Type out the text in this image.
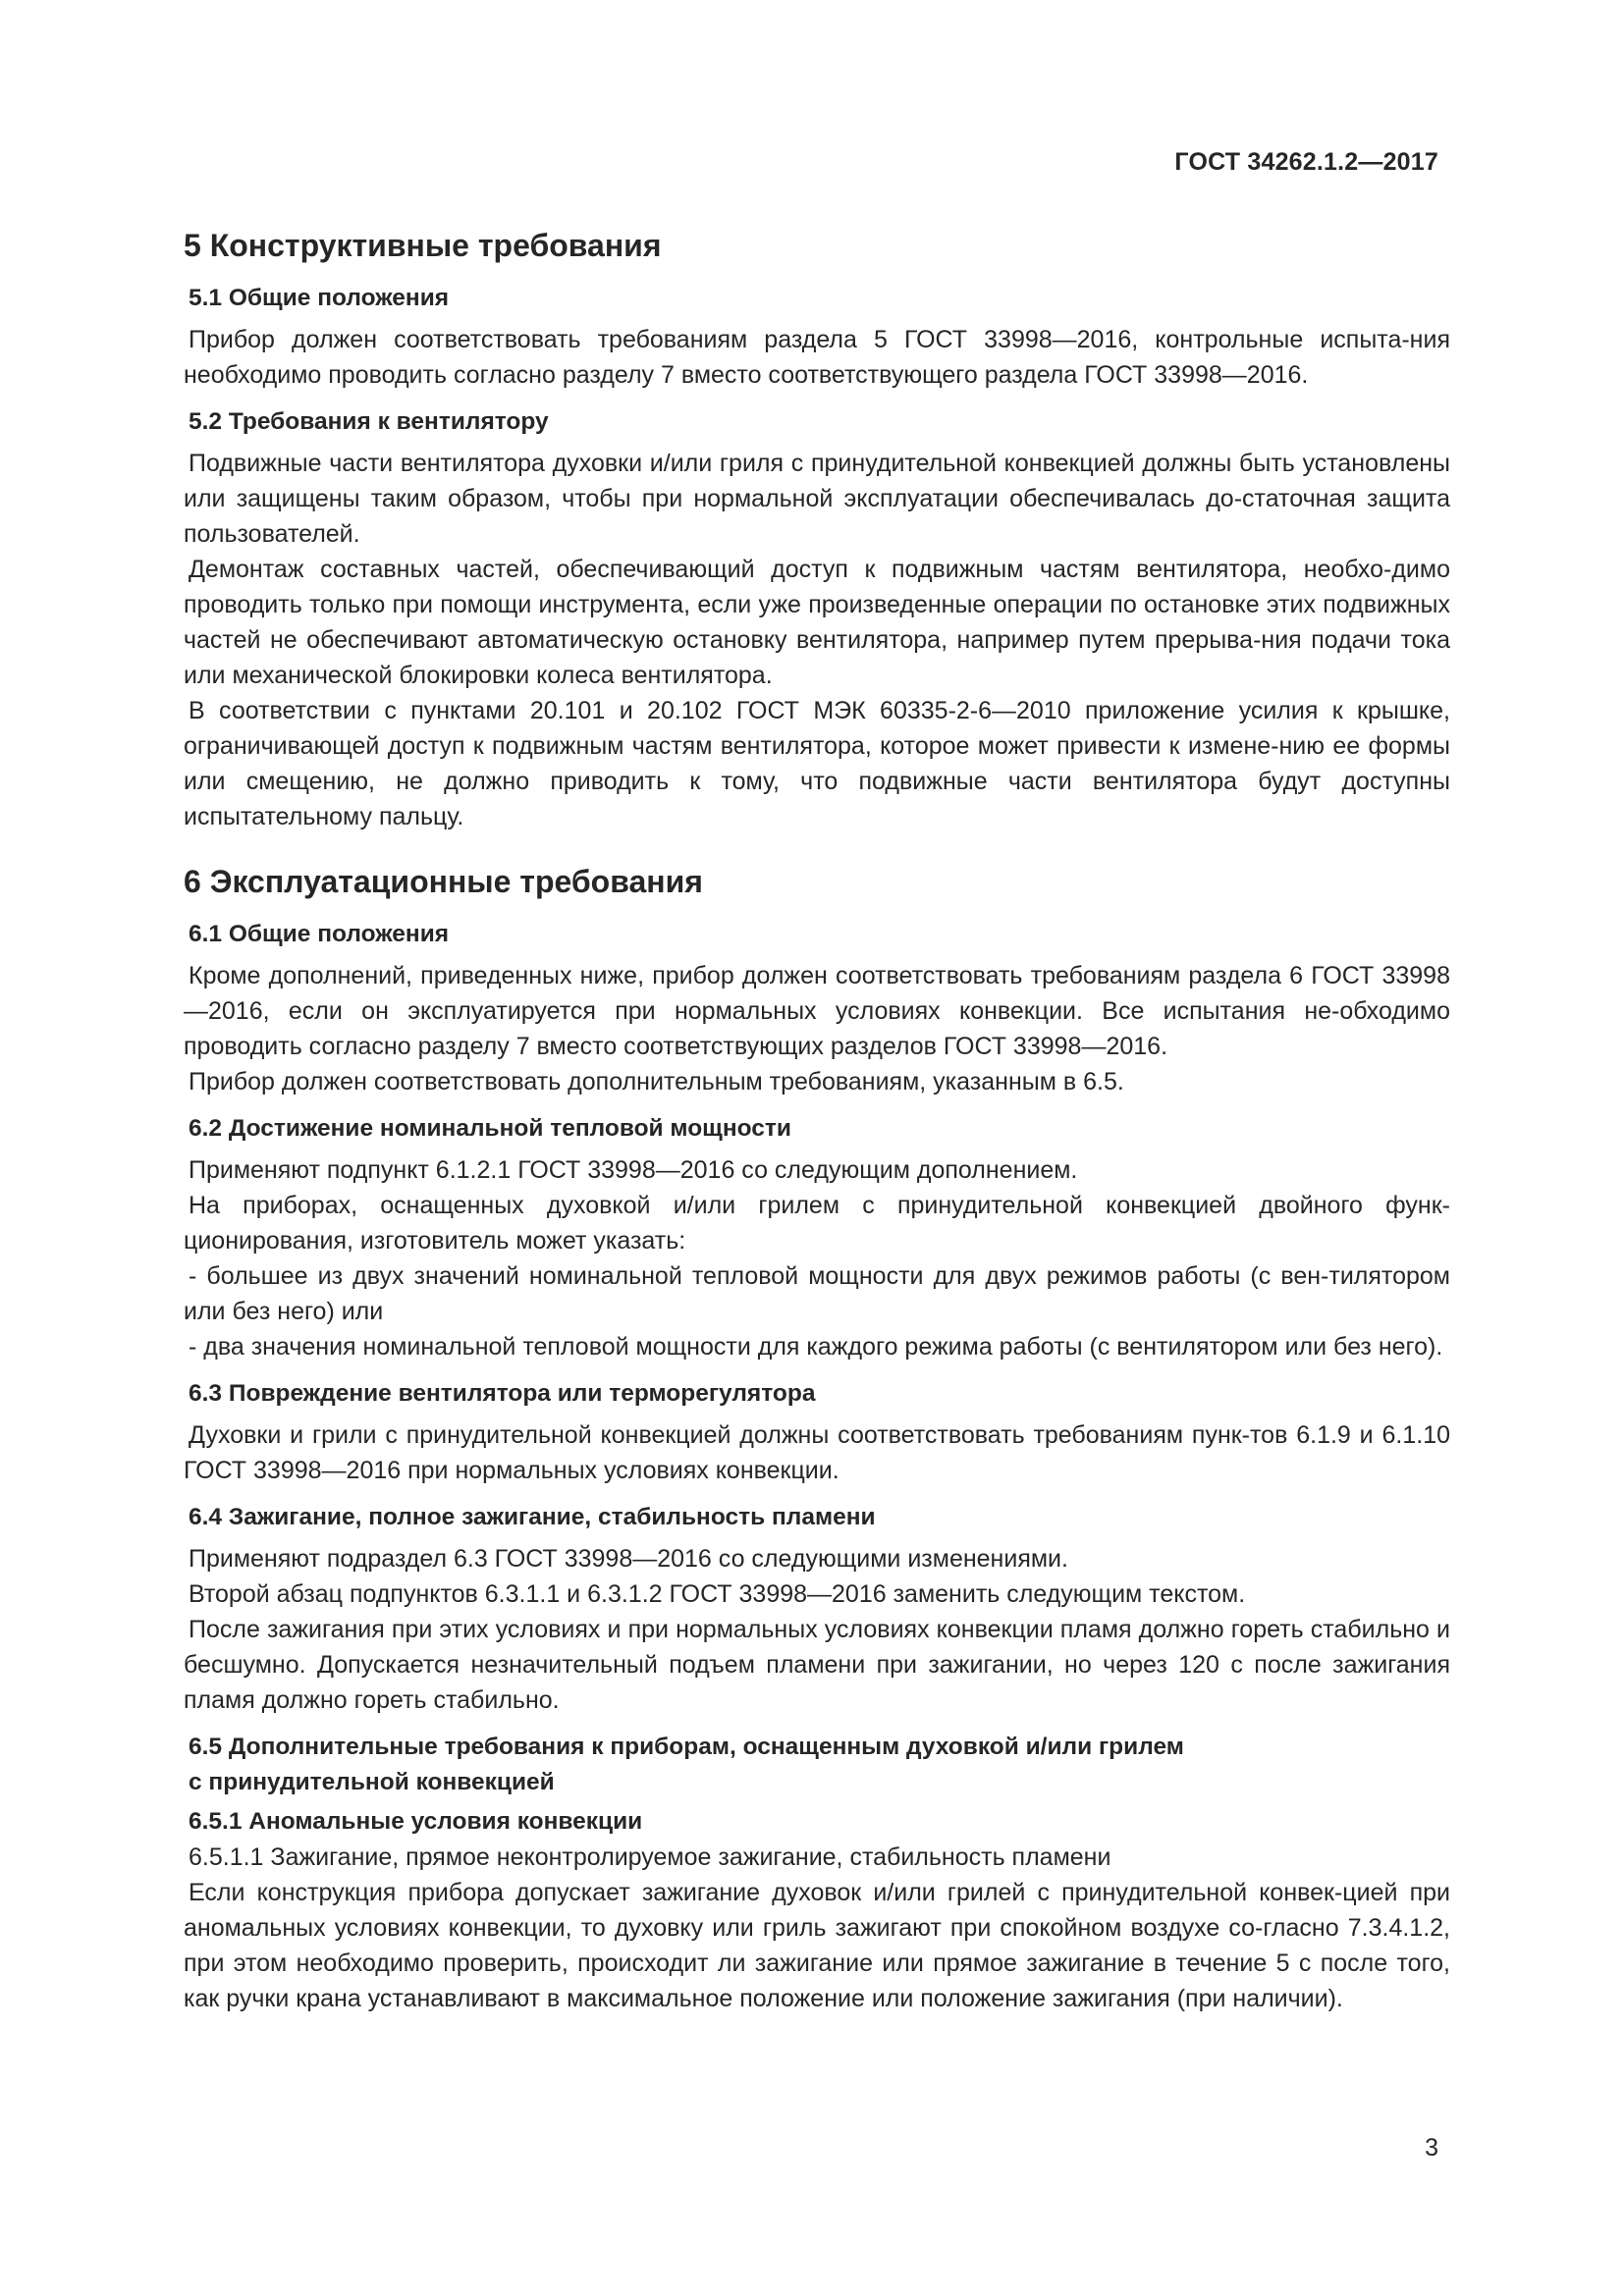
ГОСТ 34262.1.2—2017
5 Конструктивные требования
5.1 Общие положения

Прибор должен соответствовать требованиям раздела 5 ГОСТ 33998—2016, контрольные испыта-ния необходимо проводить согласно разделу 7 вместо соответствующего раздела ГОСТ 33998—2016.

5.2 Требования к вентилятору

Подвижные части вентилятора духовки и/или гриля с принудительной конвекцией должны быть установлены или защищены таким образом, чтобы при нормальной эксплуатации обеспечивалась до-статочная защита пользователей.

Демонтаж составных частей, обеспечивающий доступ к подвижным частям вентилятора, необхо-димо проводить только при помощи инструмента, если уже произведенные операции по остановке этих подвижных частей не обеспечивают автоматическую остановку вентилятора, например путем прерыва-ния подачи тока или механической блокировки колеса вентилятора.

В соответствии с пунктами 20.101 и 20.102 ГОСТ МЭК 60335-2-6—2010 приложение усилия к крышке, ограничивающей доступ к подвижным частям вентилятора, которое может привести к измене-нию ее формы или смещению, не должно приводить к тому, что подвижные части вентилятора будут доступны испытательному пальцу.

6 Эксплуатационные требования
6.1 Общие положения

Кроме дополнений, приведенных ниже, прибор должен соответствовать требованиям раздела 6 ГОСТ 33998—2016, если он эксплуатируется при нормальных условиях конвекции. Все испытания не-обходимо проводить согласно разделу 7 вместо соответствующих разделов ГОСТ 33998—2016.

Прибор должен соответствовать дополнительным требованиям, указанным в 6.5.

6.2 Достижение номинальной тепловой мощности

Применяют подпункт 6.1.2.1 ГОСТ 33998—2016 со следующим дополнением.

На приборах, оснащенных духовкой и/или грилем с принудительной конвекцией двойного функ-ционирования, изготовитель может указать:

- большее из двух значений номинальной тепловой мощности для двух режимов работы (с вен-тилятором или без него) или

- два значения номинальной тепловой мощности для каждого режима работы (с вентилятором или без него).

6.3 Повреждение вентилятора или терморегулятора

Духовки и грили с принудительной конвекцией должны соответствовать требованиям пунк-тов 6.1.9 и 6.1.10 ГОСТ 33998—2016 при нормальных условиях конвекции.

6.4 Зажигание, полное зажигание, стабильность пламени

Применяют подраздел 6.3 ГОСТ 33998—2016 со следующими изменениями.

Второй абзац подпунктов 6.3.1.1 и 6.3.1.2 ГОСТ 33998—2016 заменить следующим текстом.

После зажигания при этих условиях и при нормальных условиях конвекции пламя должно гореть стабильно и бесшумно. Допускается незначительный подъем пламени при зажигании, но через 120 с после зажигания пламя должно гореть стабильно.

6.5 Дополнительные требования к приборам, оснащенным духовкой и/или грилем
с принудительной конвекцией
6.5.1 Аномальные условия конвекции

6.5.1.1 Зажигание, прямое неконтролируемое зажигание, стабильность пламени

Если конструкция прибора допускает зажигание духовок и/или грилей с принудительной конвек-цией при аномальных условиях конвекции, то духовку или гриль зажигают при спокойном воздухе со-гласно 7.3.4.1.2, при этом необходимо проверить, происходит ли зажигание или прямое зажигание в течение 5 с после того, как ручки крана устанавливают в максимальное положение или положение зажигания (при наличии).

3
